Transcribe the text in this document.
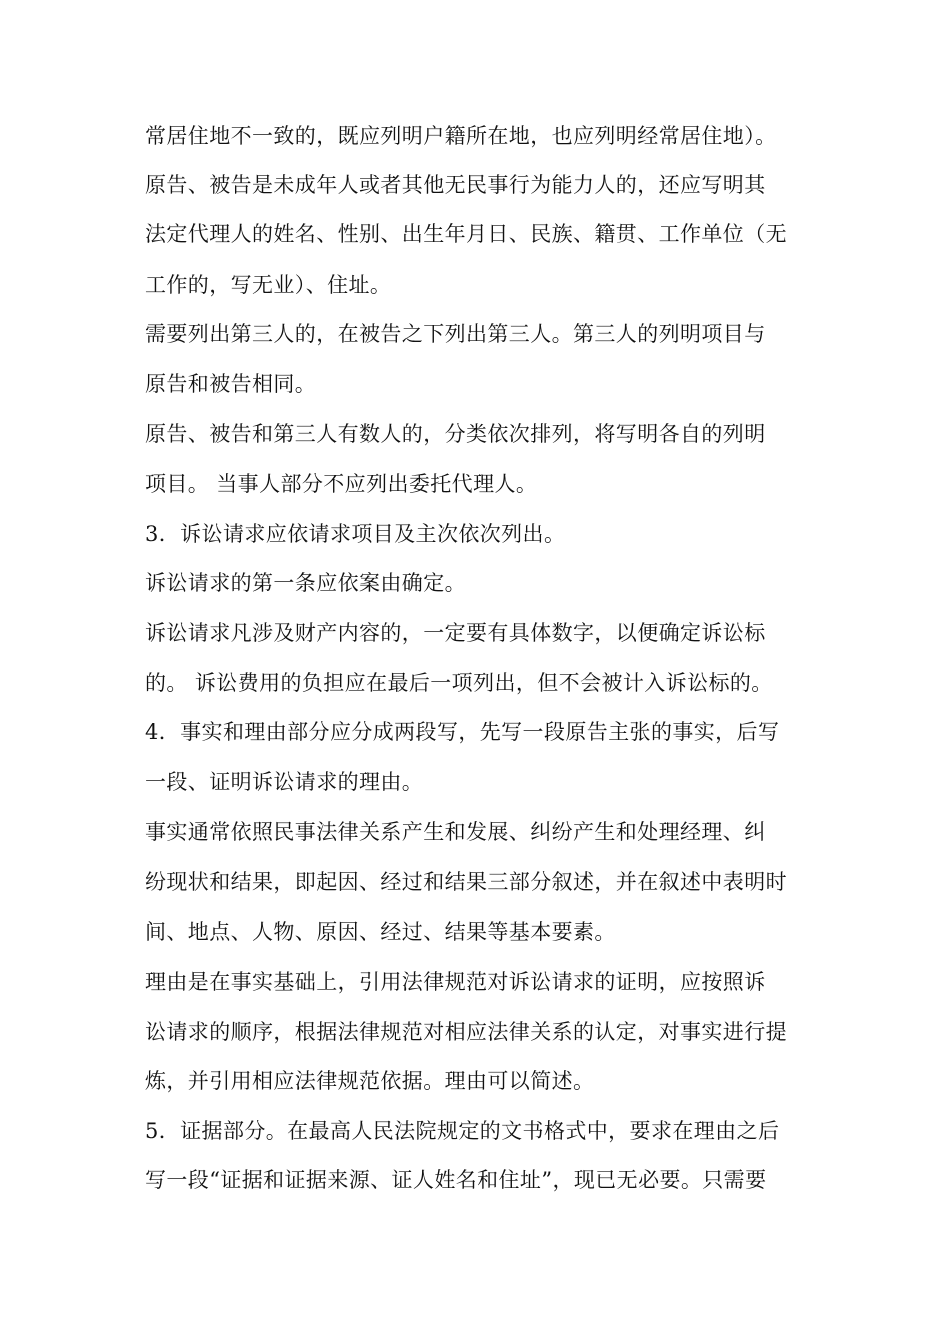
常居住地不一致的，既应列明户籍所在地，也应列明经常居住地）。
原告、被告是未成年人或者其他无民事行为能力人的，还应写明其
法定代理人的姓名、性别、出生年月日、民族、籍贯、工作单位（无
工作的，写无业）、住址。
需要列出第三人的，在被告之下列出第三人。第三人的列明项目与
原告和被告相同。
原告、被告和第三人有数人的，分类依次排列，将写明各自的列明
项目。 当事人部分不应列出委托代理人。
3．诉讼请求应依请求项目及主次依次列出。
诉讼请求的第一条应依案由确定。
诉讼请求凡涉及财产内容的，一定要有具体数字，以便确定诉讼标
的。 诉讼费用的负担应在最后一项列出，但不会被计入诉讼标的。
4．事实和理由部分应分成两段写，先写一段原告主张的事实，后写
一段、证明诉讼请求的理由。
事实通常依照民事法律关系产生和发展、纠纷产生和处理经理、纠
纷现状和结果，即起因、经过和结果三部分叙述，并在叙述中表明时
间、地点、人物、原因、经过、结果等基本要素。
理由是在事实基础上，引用法律规范对诉讼请求的证明，应按照诉
讼请求的顺序，根据法律规范对相应法律关系的认定，对事实进行提
炼，并引用相应法律规范依据。理由可以简述。
5．证据部分。在最高人民法院规定的文书格式中，要求在理由之后
写一段“证据和证据来源、证人姓名和住址”，现已无必要。只需要
